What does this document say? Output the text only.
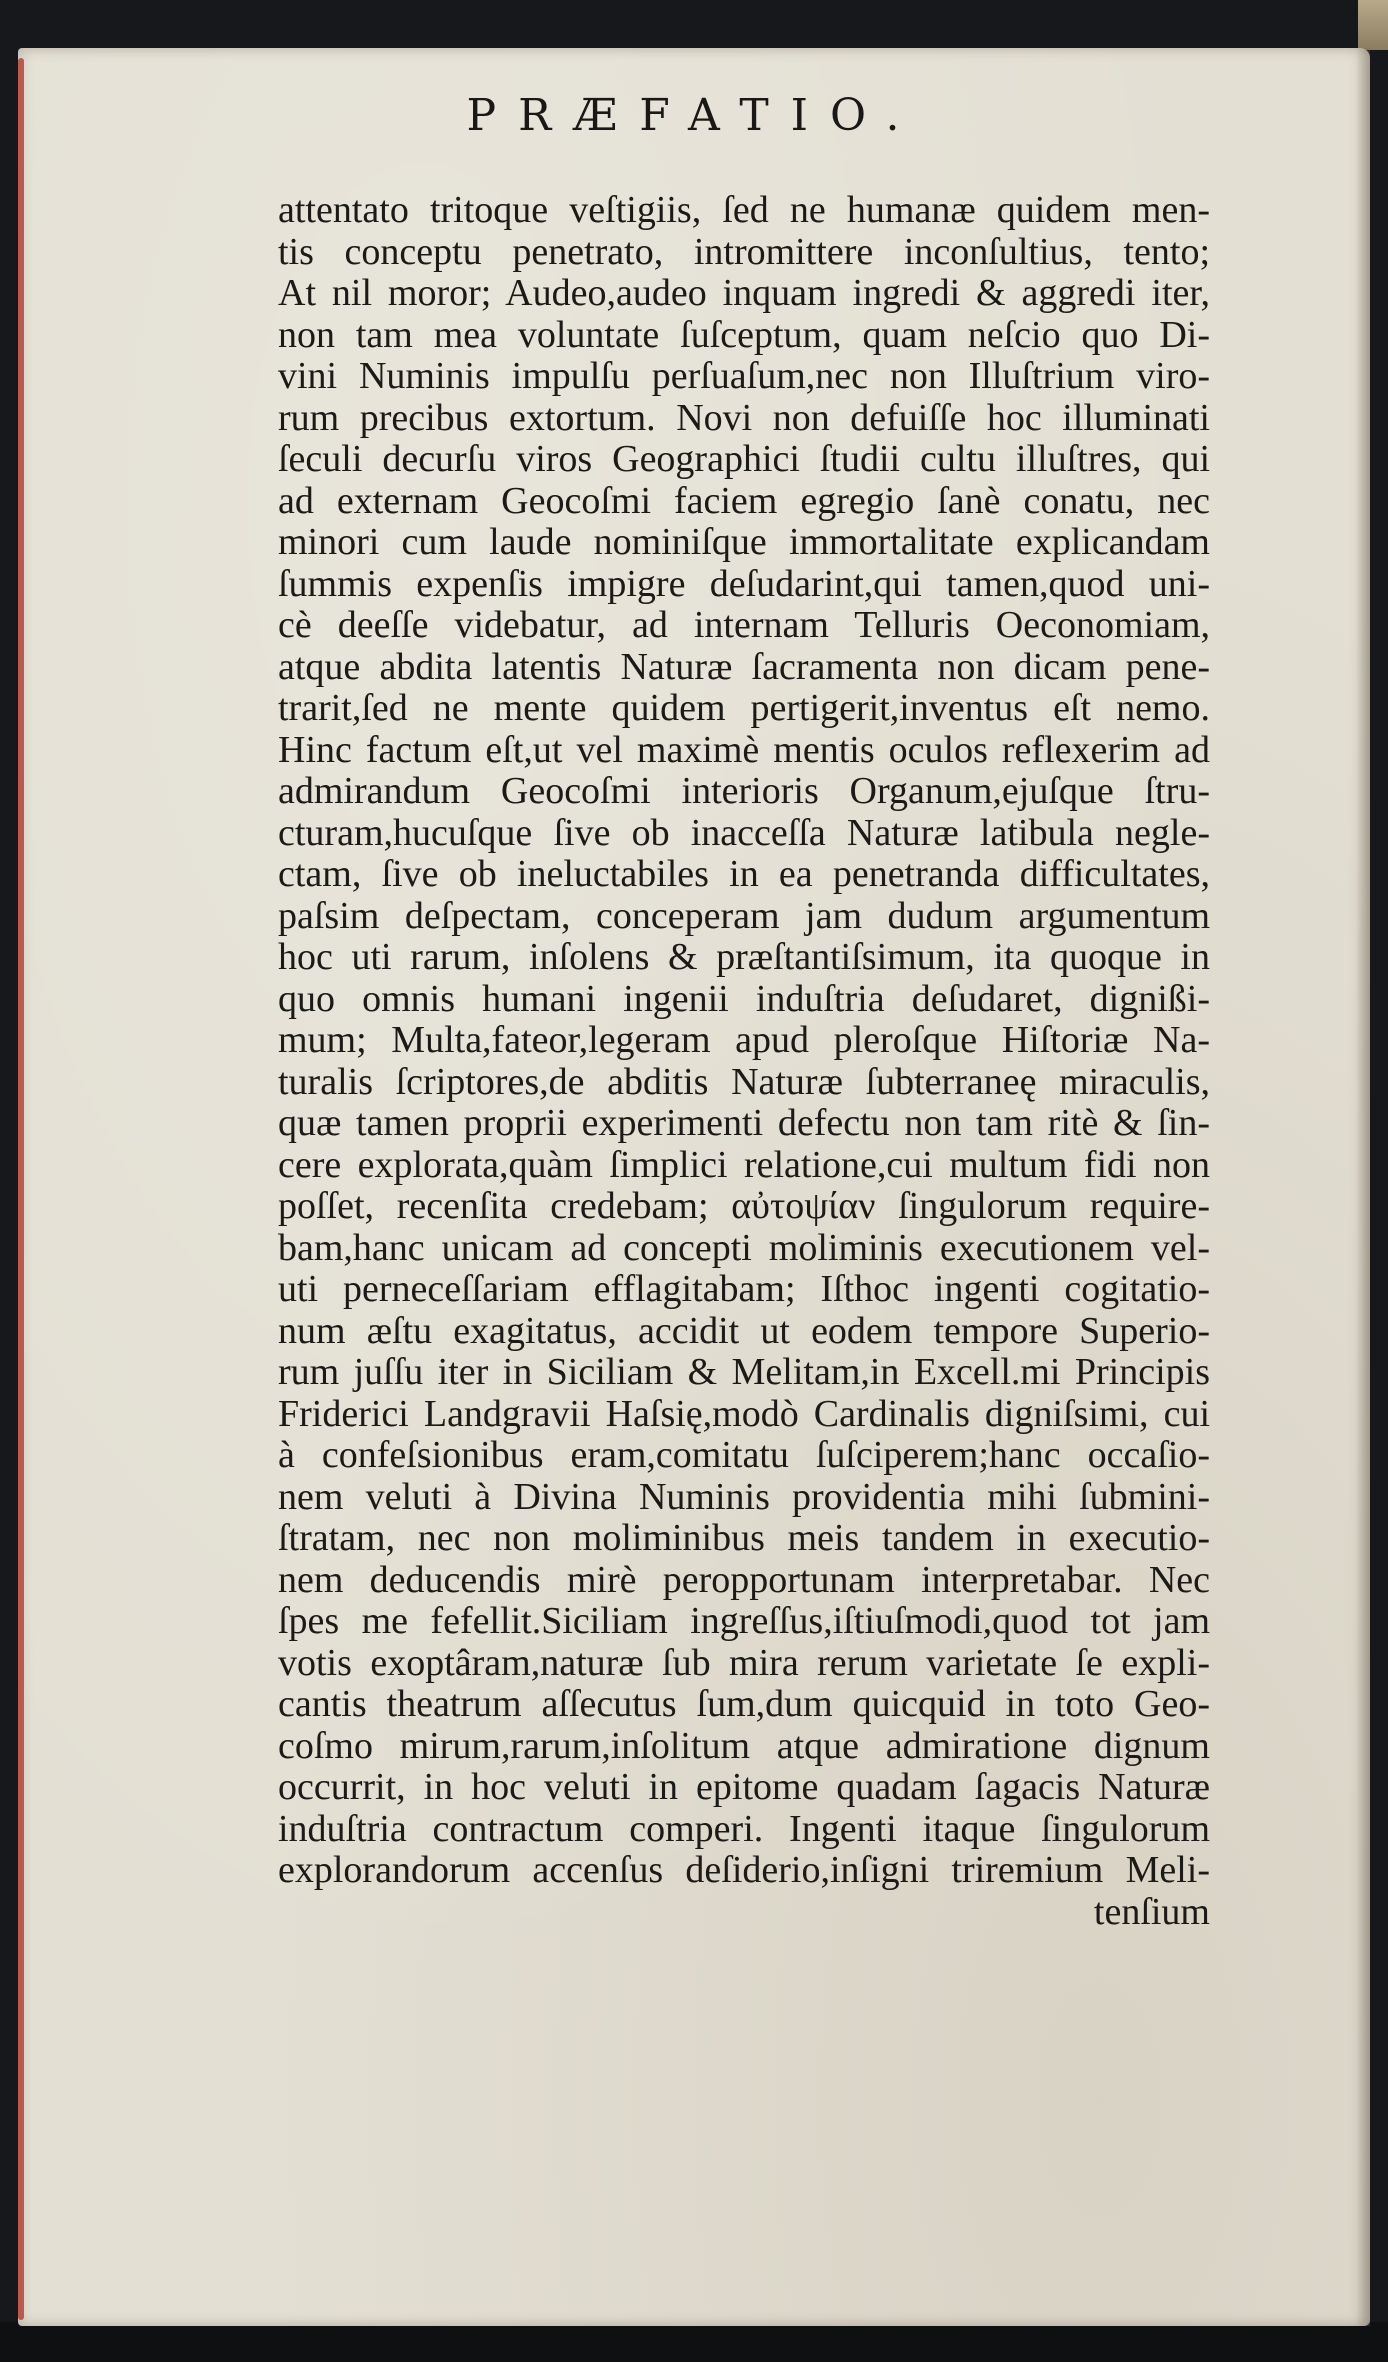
PRÆFATIO.
attentato tritoque veſtigiis, ſed ne humanæ quidem men-
tis conceptu penetrato, intromittere inconſultius, tento;
At nil moror; Audeo,audeo inquam ingredi & aggredi iter,
non tam mea voluntate ſuſceptum, quam neſcio quo Di-
vini Numinis impulſu perſuaſum,nec non Illuſtrium viro-
rum precibus extortum. Novi non defuiſſe hoc illuminati
ſeculi decurſu viros Geographici ſtudii cultu illuſtres, qui
ad externam Geocoſmi faciem egregio ſanè conatu, nec
minori cum laude nominiſque immortalitate explicandam
ſummis expenſis impigre deſudarint,qui tamen,quod uni-
cè deeſſe videbatur, ad internam Telluris Oeconomiam,
atque abdita latentis Naturæ ſacramenta non dicam pene-
trarit,ſed ne mente quidem pertigerit,inventus eſt nemo.
Hinc factum eſt,ut vel maximè mentis oculos reflexerim ad
admirandum Geocoſmi interioris Organum,ejuſque ſtru-
cturam,hucuſque ſive ob inacceſſa Naturæ latibula negle-
ctam, ſive ob ineluctabiles in ea penetranda difficultates,
paſsim deſpectam, conceperam jam dudum argumentum
hoc uti rarum, inſolens & præſtantiſsimum, ita quoque in
quo omnis humani ingenii induſtria deſudaret, dignißi-
mum; Multa,fateor,legeram apud pleroſque Hiſtoriæ Na-
turalis ſcriptores,de abditis Naturæ ſubterraneę miraculis,
quæ tamen proprii experimenti defectu non tam ritè & ſin-
cere explorata,quàm ſimplici relatione,cui multum fidi non
poſſet, recenſita credebam; αὐτοψίαν ſingulorum require-
bam,hanc unicam ad concepti moliminis executionem vel-
uti perneceſſariam efflagitabam; Iſthoc ingenti cogitatio-
num æſtu exagitatus, accidit ut eodem tempore Superio-
rum juſſu iter in Siciliam & Melitam,in Excell.mi Principis
Friderici Landgravii Haſsię,modò Cardinalis digniſsimi, cui
à confeſsionibus eram,comitatu ſuſciperem;hanc occaſio-
nem veluti à Divina Numinis providentia mihi ſubmini-
ſtratam, nec non moliminibus meis tandem in executio-
nem deducendis mirè peropportunam interpretabar. Nec
ſpes me fefellit.Siciliam ingreſſus,iſtiuſmodi,quod tot jam
votis exoptâram,naturæ ſub mira rerum varietate ſe expli-
cantis theatrum aſſecutus ſum,dum quicquid in toto Geo-
coſmo mirum,rarum,inſolitum atque admiratione dignum
occurrit, in hoc veluti in epitome quadam ſagacis Naturæ
induſtria contractum comperi. Ingenti itaque ſingulorum
explorandorum accenſus deſiderio,inſigni triremium Meli-
tenſium
